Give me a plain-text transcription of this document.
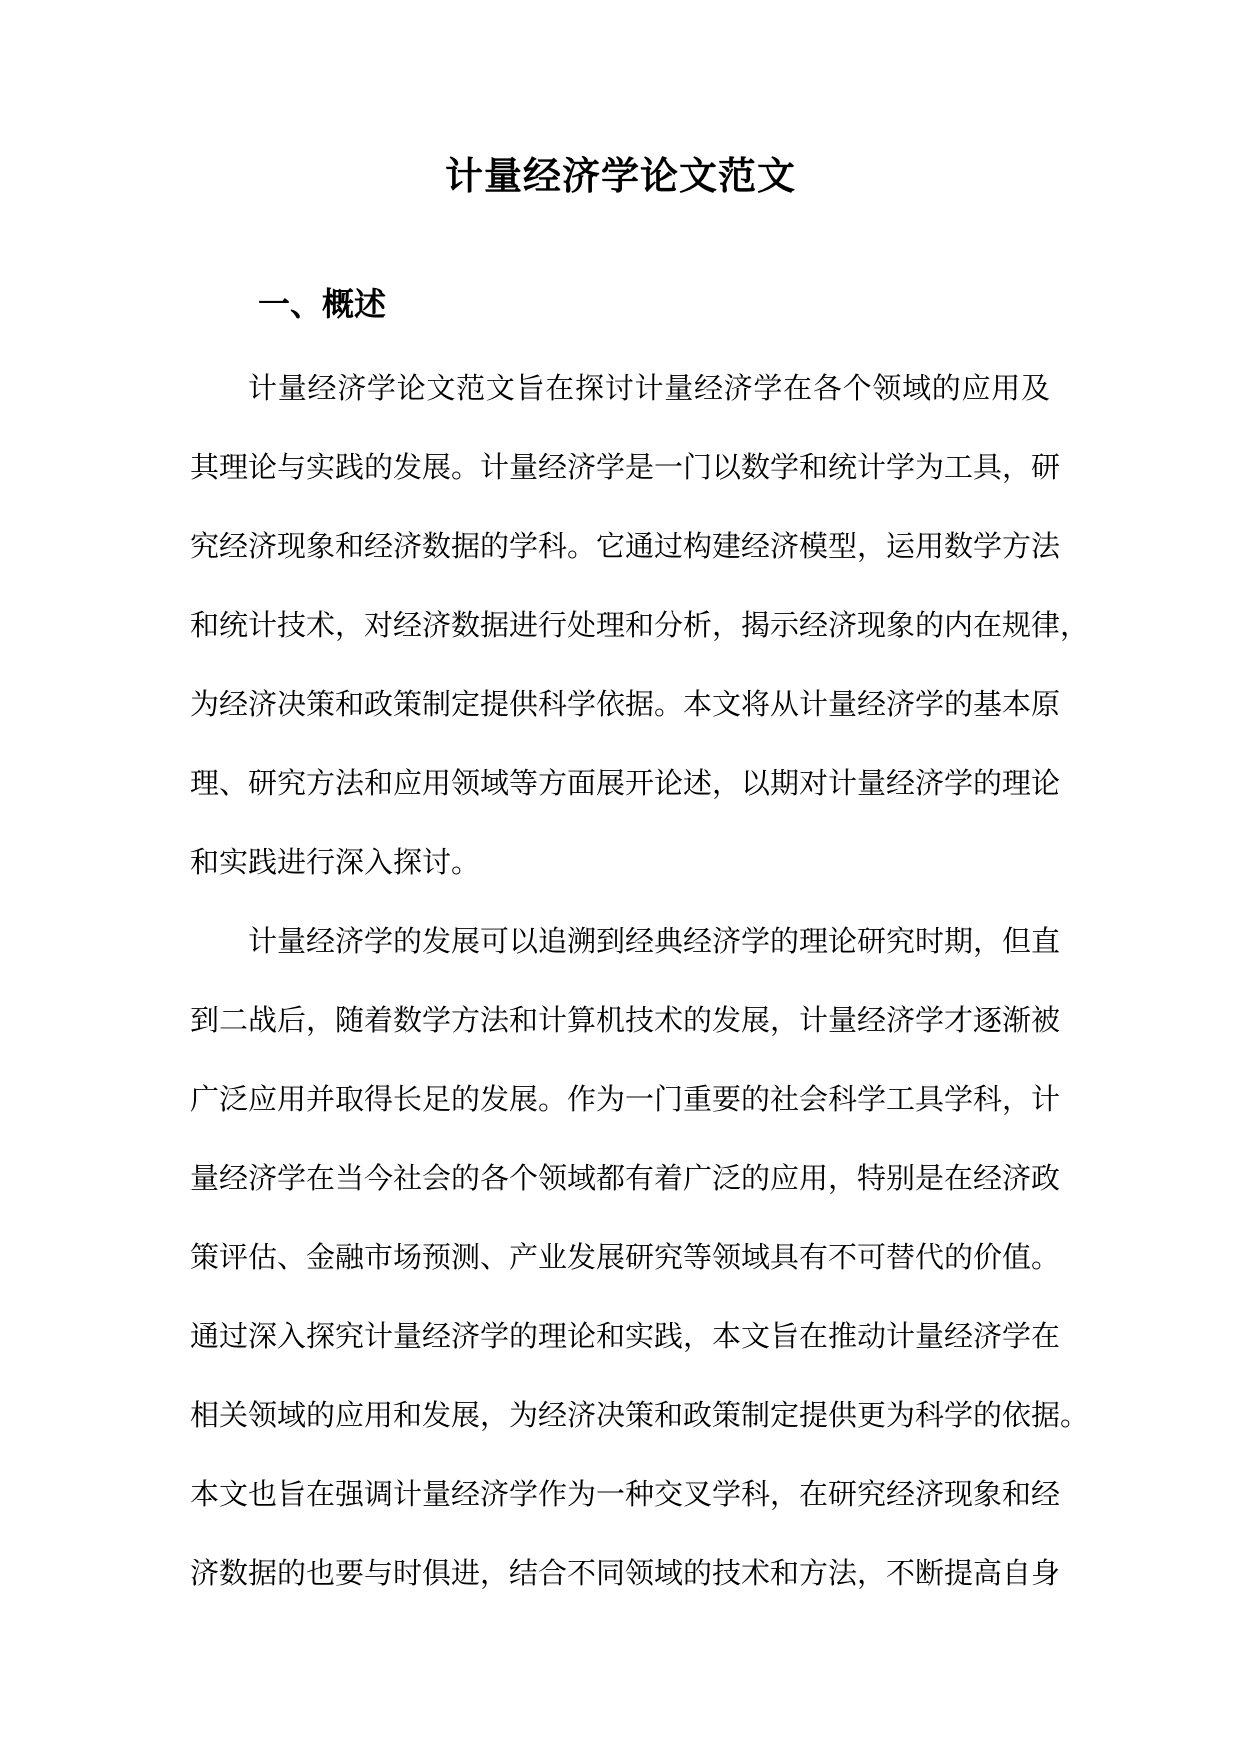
计量经济学论文范文
一、概述
计量经济学论文范文旨在探讨计量经济学在各个领域的应用及
其理论与实践的发展。计量经济学是一门以数学和统计学为工具，研
究经济现象和经济数据的学科。它通过构建经济模型，运用数学方法
和统计技术，对经济数据进行处理和分析，揭示经济现象的内在规律，
为经济决策和政策制定提供科学依据。本文将从计量经济学的基本原
理、研究方法和应用领域等方面展开论述，以期对计量经济学的理论
和实践进行深入探讨。
计量经济学的发展可以追溯到经典经济学的理论研究时期，但直
到二战后，随着数学方法和计算机技术的发展，计量经济学才逐渐被
广泛应用并取得长足的发展。作为一门重要的社会科学工具学科，计
量经济学在当今社会的各个领域都有着广泛的应用，特别是在经济政
策评估、金融市场预测、产业发展研究等领域具有不可替代的价值。
通过深入探究计量经济学的理论和实践，本文旨在推动计量经济学在
相关领域的应用和发展，为经济决策和政策制定提供更为科学的依据。
本文也旨在强调计量经济学作为一种交叉学科，在研究经济现象和经
济数据的也要与时俱进，结合不同领域的技术和方法，不断提高自身
